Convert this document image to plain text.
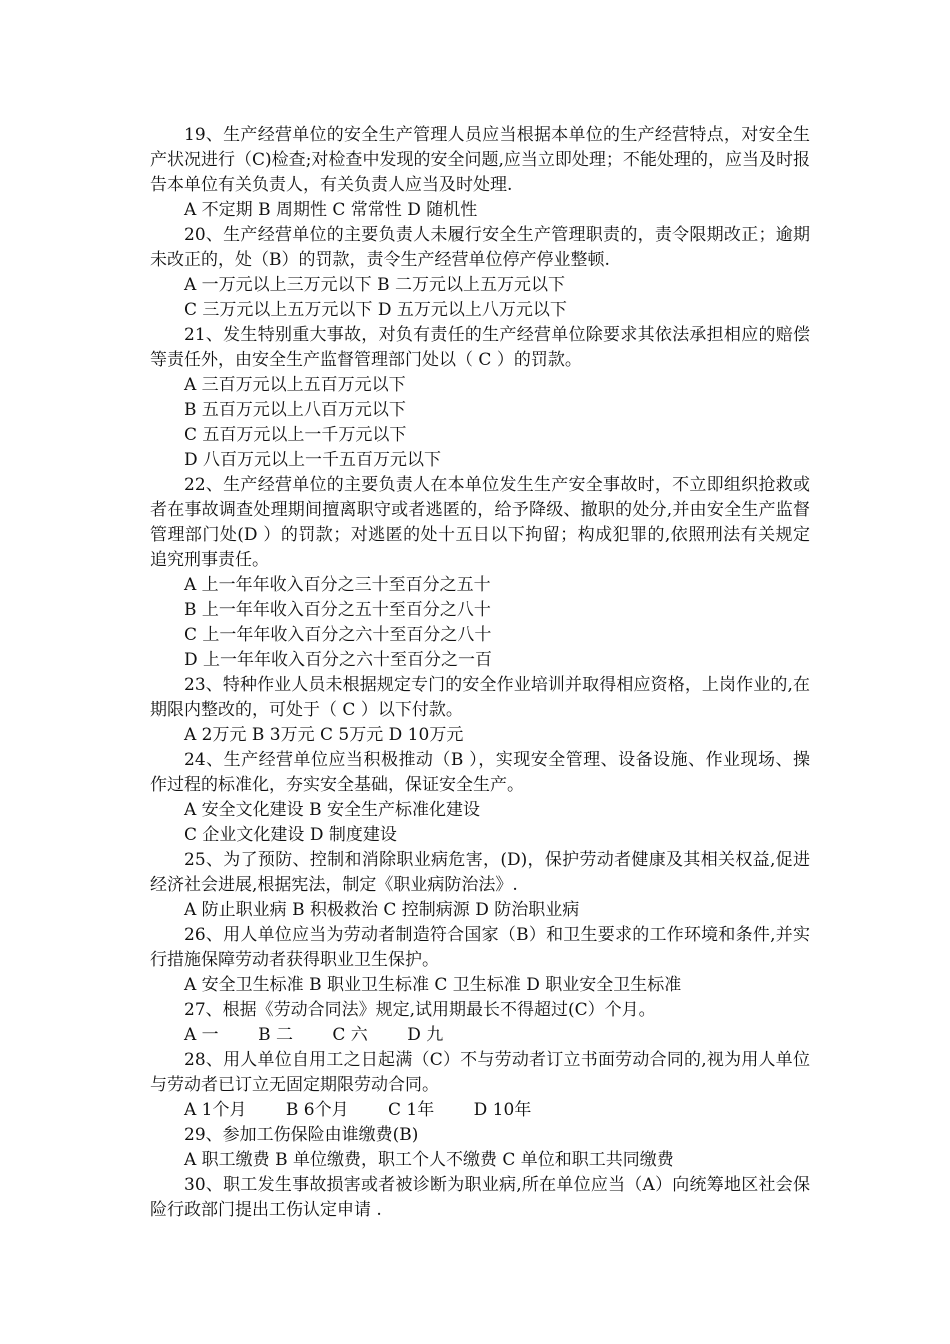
19、生产经营单位的安全生产管理人员应当根据本单位的生产经营特点，对安全生产状况进行（C)检查;对检查中发现的安全问题,应当立即处理；不能处理的，应当及时报告本单位有关负责人，有关负责人应当及时处理.

A 不定期 B 周期性 C 常常性 D 随机性

20、生产经营单位的主要负责人未履行安全生产管理职责的，责令限期改正；逾期未改正的，处（B）的罚款，责令生产经营单位停产停业整顿.

A 一万元以上三万元以下 B 二万元以上五万元以下

C 三万元以上五万元以下 D 五万元以上八万元以下

21、发生特别重大事故，对负有责任的生产经营单位除要求其依法承担相应的赔偿等责任外，由安全生产监督管理部门处以（ C ）的罚款。

A 三百万元以上五百万元以下

B 五百万元以上八百万元以下

C 五百万元以上一千万元以下

D 八百万元以上一千五百万元以下

22、生产经营单位的主要负责人在本单位发生生产安全事故时，不立即组织抢救或者在事故调查处理期间擅离职守或者逃匿的，给予降级、撤职的处分,并由安全生产监督管理部门处(D ）的罚款；对逃匿的处十五日以下拘留；构成犯罪的,依照刑法有关规定追究刑事责任。

A 上一年年收入百分之三十至百分之五十

B 上一年年收入百分之五十至百分之八十

C 上一年年收入百分之六十至百分之八十

D 上一年年收入百分之六十至百分之一百

23、特种作业人员未根据规定专门的安全作业培训并取得相应资格，上岗作业的,在期限内整改的，可处于（ C ）以下付款。

A 2万元 B 3万元 C 5万元 D 10万元

24、生产经营单位应当积极推动（B ），实现安全管理、设备设施、作业现场、操作过程的标准化，夯实安全基础，保证安全生产。

A 安全文化建设 B 安全生产标准化建设

C 企业文化建设 D 制度建设

25、为了预防、控制和消除职业病危害，(D)，保护劳动者健康及其相关权益,促进经济社会进展,根据宪法，制定《职业病防治法》.

A 防止职业病 B 积极救治 C 控制病源 D 防治职业病

26、用人单位应当为劳动者制造符合国家（B）和卫生要求的工作环境和条件,并实行措施保障劳动者获得职业卫生保护。

A 安全卫生标准 B 职业卫生标准 C 卫生标准 D 职业安全卫生标准

27、根据《劳动合同法》规定,试用期最长不得超过(C）个月。

A 一　　 B 二　　 C 六　　 D 九

28、用人单位自用工之日起满（C）不与劳动者订立书面劳动合同的,视为用人单位与劳动者已订立无固定期限劳动合同。

A 1个月　　 B 6个月　　 C 1年　　 D 10年

29、参加工伤保险由谁缴费(B)

A 职工缴费 B 单位缴费，职工个人不缴费 C 单位和职工共同缴费

30、职工发生事故损害或者被诊断为职业病,所在单位应当（A）向统筹地区社会保险行政部门提出工伤认定申请 .
